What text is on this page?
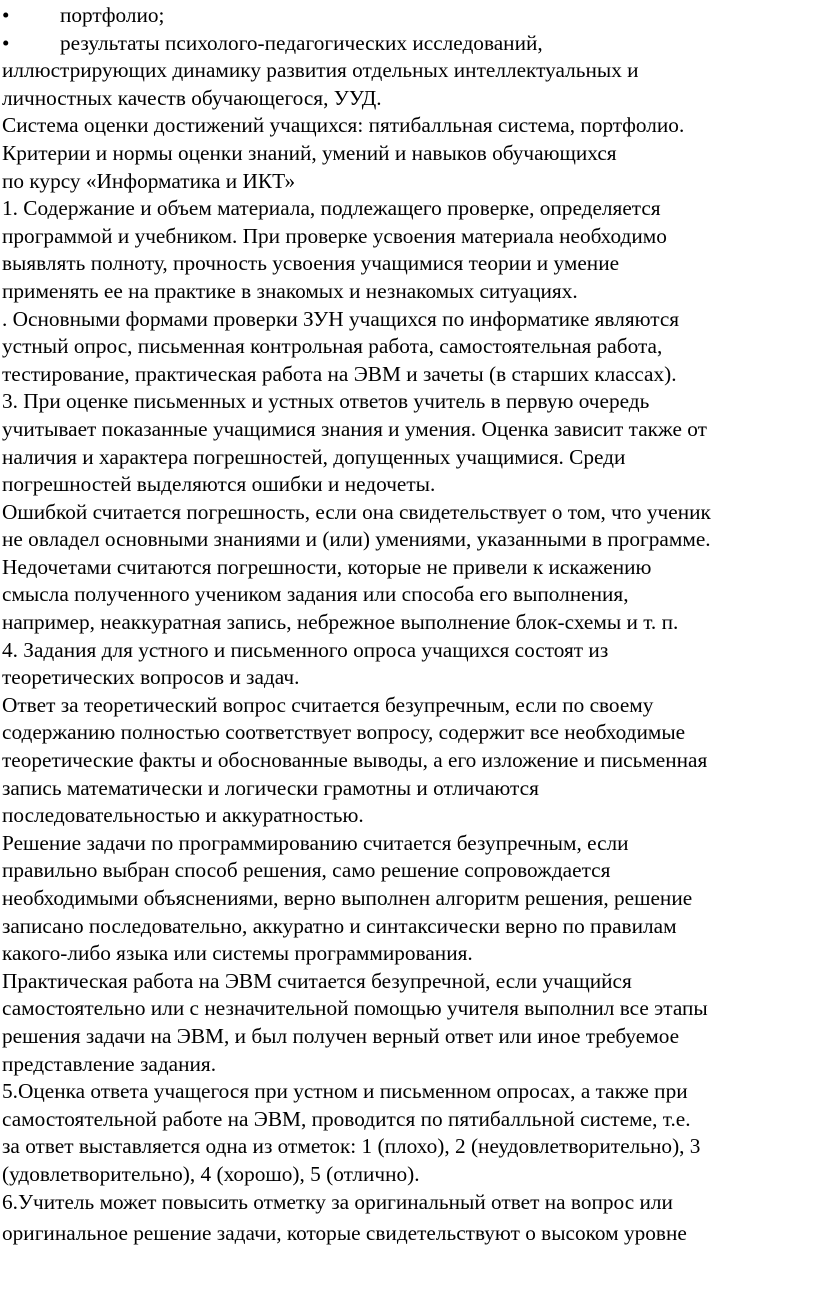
• портфолио;
• результаты психолого-педагогических исследований,
иллюстрирующих динамику развития отдельных интеллектуальных и
личностных качеств обучающегося, УУД.
Система оценки достижений учащихся: пятибалльная система, портфолио.
Критерии и нормы оценки знаний, умений и навыков обучающихся
по курсу «Информатика и ИКТ»
1. Содержание и объем материала, подлежащего проверке, определяется
программой и учебником. При проверке усвоения материала необходимо
выявлять полноту, прочность усвоения учащимися теории и умение
применять ее на практике в знакомых и незнакомых ситуациях.
. Основными формами проверки ЗУН учащихся по информатике являются
устный опрос, письменная контрольная работа, самостоятельная работа,
тестирование, практическая работа на ЭВМ и зачеты (в старших классах).
3. При оценке письменных и устных ответов учитель в первую очередь
учитывает показанные учащимися знания и умения. Оценка зависит также от
наличия и характера погрешностей, допущенных учащимися. Среди
погрешностей выделяются ошибки и недочеты.
Ошибкой считается погрешность, если она свидетельствует о том, что ученик
не овладел основными знаниями и (или) умениями, указанными в программе.
Недочетами считаются погрешности, которые не привели к искажению
смысла полученного учеником задания или способа его выполнения,
например, неаккуратная запись, небрежное выполнение блок-схемы и т. п.
4. Задания для устного и письменного опроса учащихся состоят из
теоретических вопросов и задач.
Ответ за теоретический вопрос считается безупречным, если по своему
содержанию полностью соответствует вопросу, содержит все необходимые
теоретические факты и обоснованные выводы, а его изложение и письменная
запись математически и логически грамотны и отличаются
последовательностью и аккуратностью.
Решение задачи по программированию считается безупречным, если
правильно выбран способ решения, само решение сопровождается
необходимыми объяснениями, верно выполнен алгоритм решения, решение
записано последовательно, аккуратно и синтаксически верно по правилам
какого-либо языка или системы программирования.
Практическая работа на ЭВМ считается безупречной, если учащийся
самостоятельно или с незначительной помощью учителя выполнил все этапы
решения задачи на ЭВМ, и был получен верный ответ или иное требуемое
представление задания.
5.Оценка ответа учащегося при устном и письменном опросах, а также при
самостоятельной работе на ЭВМ, проводится по пятибалльной системе, т.е.
за ответ выставляется одна из отметок: 1 (плохо), 2 (неудовлетворительно), 3
(удовлетворительно), 4 (хорошо), 5 (отлично).
6.Учитель может повысить отметку за оригинальный ответ на вопрос или
оригинальное решение задачи, которые свидетельствуют о высоком уровне
